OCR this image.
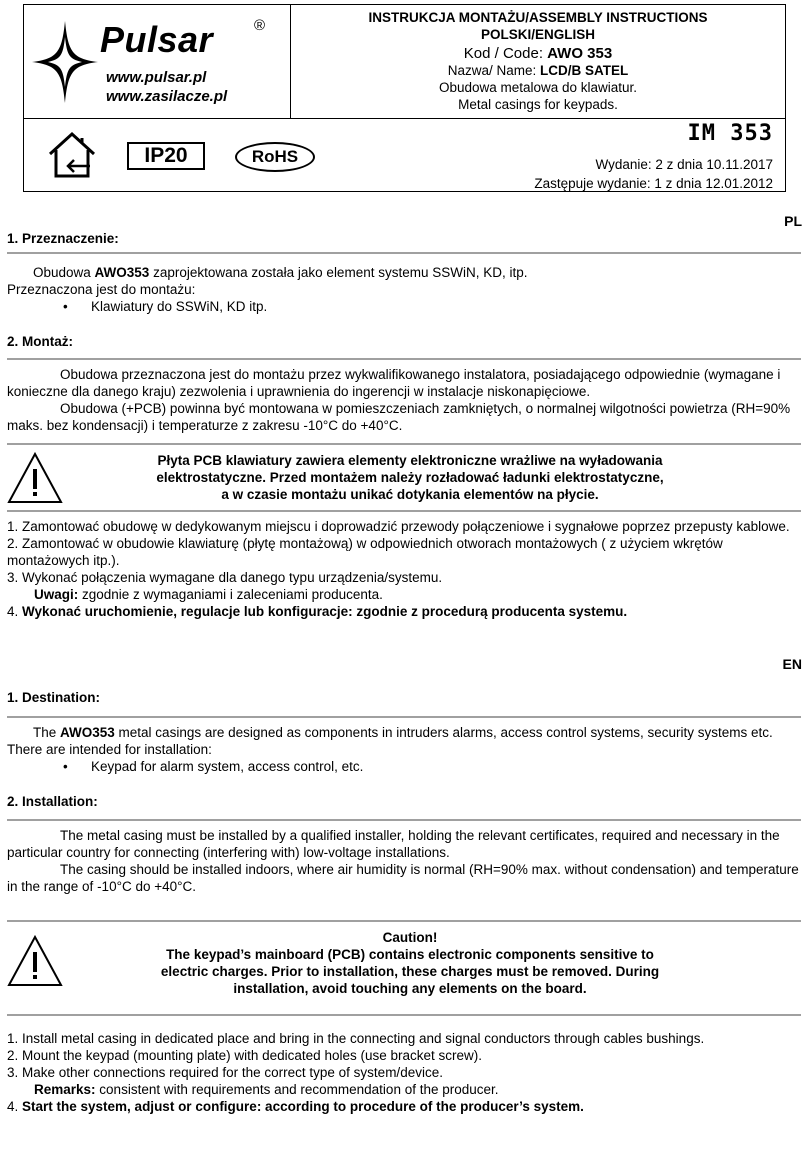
Pulsar	®
www.pulsar.pl
www.zasilacze.pl
INSTRUKCJA MONTAŻU/ASSEMBLY INSTRUCTIONS
POLSKI/ENGLISH
Kod / Code: AWO 353
Nazwa/ Name: LCD/B SATEL
Obudowa metalowa do klawiatur.
Metal casings for keypads.
IP20	RoHS
IM 353
Wydanie: 2 z dnia 10.11.2017
Zastępuje wydanie: 1 z dnia 12.01.2012
PL
1. Przeznaczenie:

Obudowa AWO353 zaprojektowana została jako element systemu SSWiN, KD, itp.

Przeznaczona jest do montażu:

• Klawiatury do SSWiN, KD itp.

2. Montaż:

Obudowa przeznaczona jest do montażu przez wykwalifikowanego instalatora, posiadającego odpowiednie (wymagane i konieczne dla danego kraju) zezwolenia i uprawnienia do ingerencji w instalacje niskonapięciowe.

Obudowa (+PCB) powinna być montowana w pomieszczeniach zamkniętych, o normalnej wilgotności powietrza (RH=90% maks. bez kondensacji) i temperaturze z zakresu -10°C do +40°C.

Płyta PCB klawiatury zawiera elementy elektroniczne wrażliwe na wyładowania
elektrostatyczne. Przed montażem należy rozładować ładunki elektrostatyczne,
a w czasie montażu unikać dotykania elementów na płycie.

1. Zamontować obudowę w dedykowanym miejscu i doprowadzić przewody połączeniowe i sygnałowe poprzez przepusty kablowe.

2. Zamontować w obudowie klawiaturę (płytę montażową) w odpowiednich otworach montażowych ( z użyciem wkrętów montażowych itp.).

3. Wykonać połączenia wymagane dla danego typu urządzenia/systemu.

Uwagi: zgodnie z wymaganiami i zaleceniami producenta.

4. Wykonać uruchomienie, regulacje lub konfiguracje: zgodnie z procedurą producenta systemu.

EN
1. Destination:

The AWO353 metal casings are designed as components in intruders alarms, access control systems, security systems etc. There are intended for installation:

• Keypad for alarm system, access control, etc.

2. Installation:

The metal casing must be installed by a qualified installer, holding the relevant certificates, required and necessary in the particular country for connecting (interfering with) low-voltage installations.

The casing should be installed indoors, where air humidity is normal (RH=90% max. without condensation) and temperature in the range of -10°C do +40°C.

Caution!
The keypad’s mainboard (PCB) contains electronic components sensitive to
electric charges. Prior to installation, these charges must be removed. During
installation, avoid touching any elements on the board.

1. Install metal casing in dedicated place and bring in the connecting and signal conductors through cables bushings.

2. Mount the keypad (mounting plate) with dedicated holes (use bracket screw).

3. Make other connections required for the correct type of system/device.

Remarks: consistent with requirements and recommendation of the producer.

4. Start the system, adjust or configure: according to procedure of the producer’s system.
